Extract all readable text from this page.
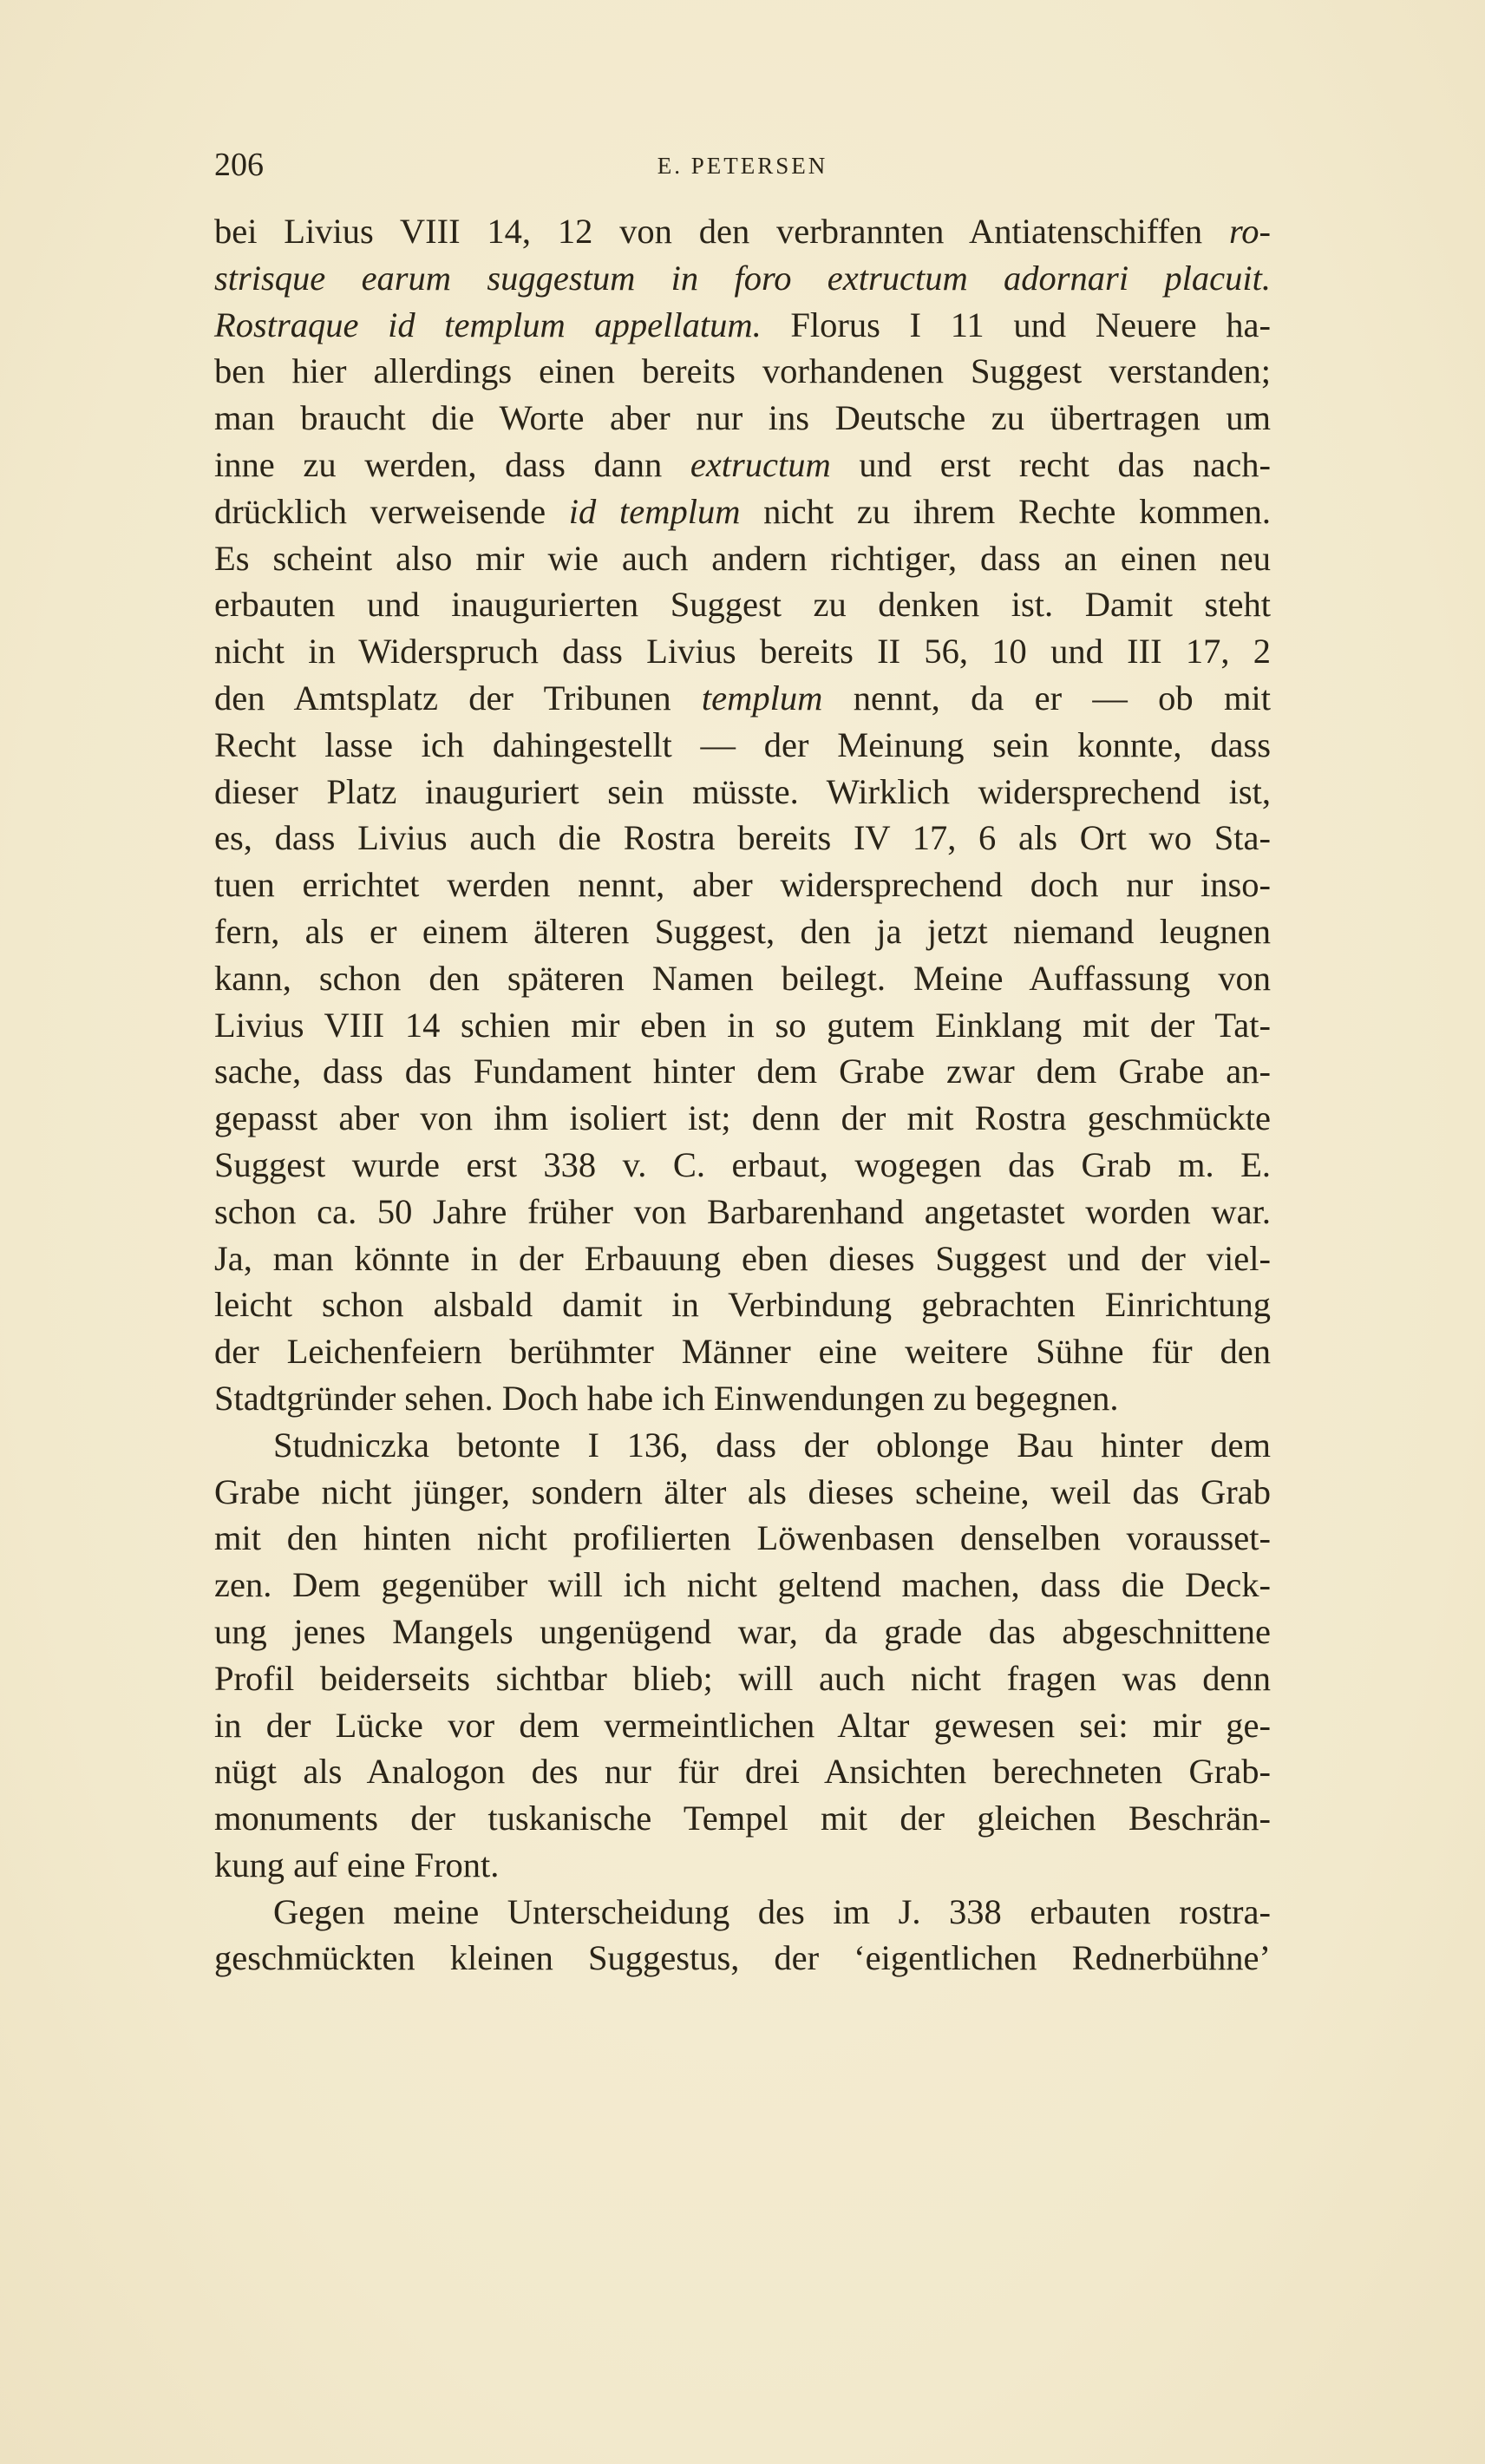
206	E. PETERSEN
bei Livius VIII 14, 12 von den verbrannten Antiatenschiffen ro-
strisque earum suggestum in foro extructum adornari placuit.
Rostraque id templum appellatum. Florus I 11 und Neuere ha-
ben hier allerdings einen bereits vorhandenen Suggest verstanden;
man braucht die Worte aber nur ins Deutsche zu übertragen um
inne zu werden, dass dann extructum und erst recht das nach-
drücklich verweisende id templum nicht zu ihrem Rechte kommen.
Es scheint also mir wie auch andern richtiger, dass an einen neu
erbauten und inaugurierten Suggest zu denken ist. Damit steht
nicht in Widerspruch dass Livius bereits II 56, 10 und III 17, 2
den Amtsplatz der Tribunen templum nennt, da er — ob mit
Recht lasse ich dahingestellt — der Meinung sein konnte, dass
dieser Platz inauguriert sein müsste. Wirklich widersprechend ist,
es, dass Livius auch die Rostra bereits IV 17, 6 als Ort wo Sta-
tuen errichtet werden nennt, aber widersprechend doch nur inso-
fern, als er einem älteren Suggest, den ja jetzt niemand leugnen
kann, schon den späteren Namen beilegt. Meine Auffassung von
Livius VIII 14 schien mir eben in so gutem Einklang mit der Tat-
sache, dass das Fundament hinter dem Grabe zwar dem Grabe an-
gepasst aber von ihm isoliert ist; denn der mit Rostra geschmückte
Suggest wurde erst 338 v. C. erbaut, wogegen das Grab m. E.
schon ca. 50 Jahre früher von Barbarenhand angetastet worden war.
Ja, man könnte in der Erbauung eben dieses Suggest und der viel-
leicht schon alsbald damit in Verbindung gebrachten Einrichtung
der Leichenfeiern berühmter Männer eine weitere Sühne für den
Stadtgründer sehen. Doch habe ich Einwendungen zu begegnen.
Studniczka betonte I 136, dass der oblonge Bau hinter dem
Grabe nicht jünger, sondern älter als dieses scheine, weil das Grab
mit den hinten nicht profilierten Löwenbasen denselben vorausset-
zen. Dem gegenüber will ich nicht geltend machen, dass die Deck-
ung jenes Mangels ungenügend war, da grade das abgeschnittene
Profil beiderseits sichtbar blieb; will auch nicht fragen was denn
in der Lücke vor dem vermeintlichen Altar gewesen sei: mir ge-
nügt als Analogon des nur für drei Ansichten berechneten Grab-
monuments der tuskanische Tempel mit der gleichen Beschrän-
kung auf eine Front.
Gegen meine Unterscheidung des im J. 338 erbauten rostra-
geschmückten kleinen Suggestus, der ‘eigentlichen Rednerbühne’
